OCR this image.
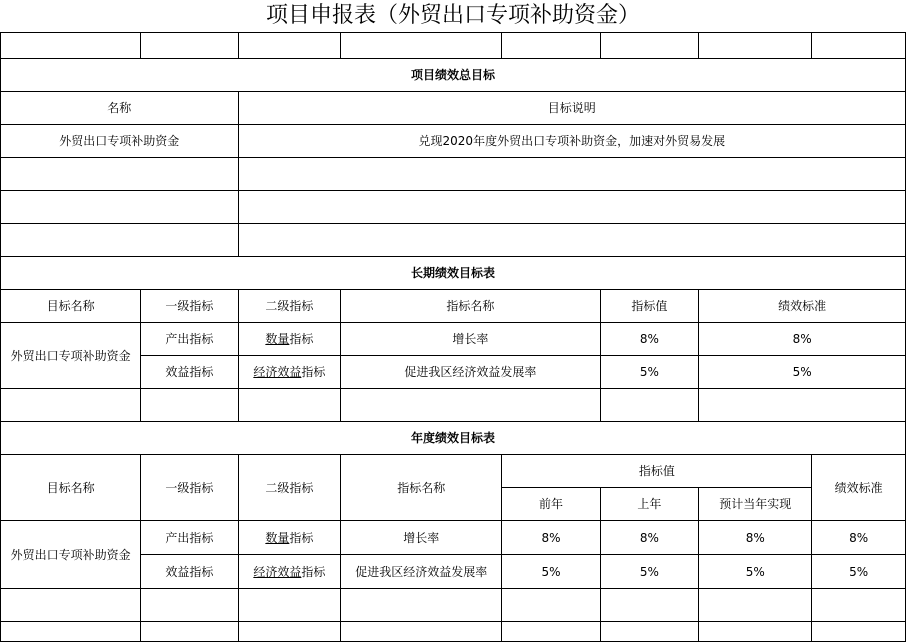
项目申报表（外贸出口专项补助资金）

项目绩效总目标							
名称		目标说明					
外贸出口专项补助资金		兑现2020年度外贸出口专项补助资金，加速对外贸易发展					

长期绩效目标表							
目标名称	一级指标	二级指标	指标名称		指标值	绩效标准	
外贸出口专项补助资金	产出指标	数量指标	增长率		8%	8%	
	效益指标	经济效益指标	促进我区经济效益发展率		5%	5%	

年度绩效目标表							
目标名称	一级指标	二级指标	指标名称	指标值			绩效标准
				前年	上年	预计当年实现	
外贸出口专项补助资金	产出指标	数量指标	增长率	8%	8%	8%	8%
	效益指标	经济效益指标	促进我区经济效益发展率	5%	5%	5%	5%
